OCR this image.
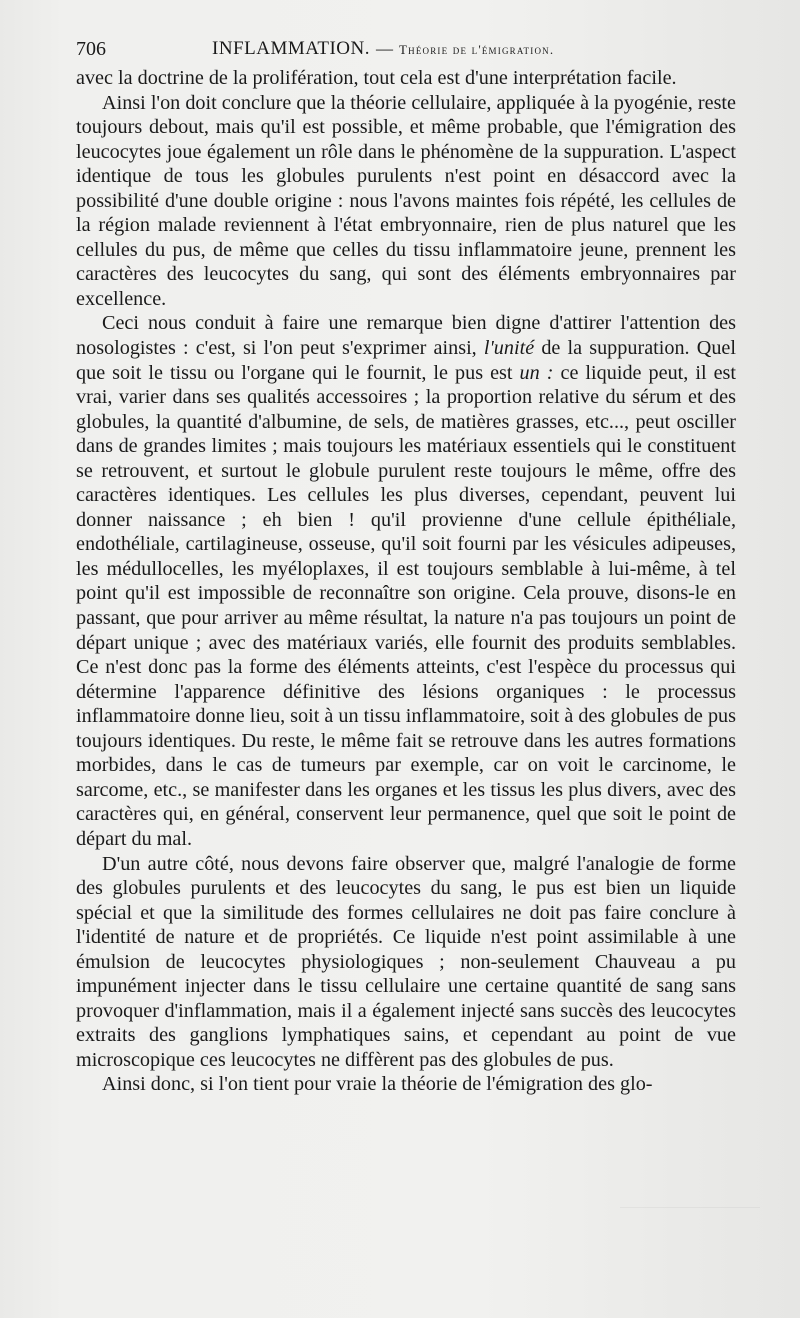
706	INFLAMMATION. — Théorie de l'émigration.

avec la doctrine de la prolifération, tout cela est d'une interprétation facile.

Ainsi l'on doit conclure que la théorie cellulaire, appliquée à la pyogénie, reste toujours debout, mais qu'il est possible, et même probable, que l'émigration des leucocytes joue également un rôle dans le phénomène de la suppuration. L'aspect identique de tous les globules purulents n'est point en désaccord avec la possibilité d'une double origine : nous l'avons maintes fois répété, les cellules de la région malade reviennent à l'état embryonnaire, rien de plus naturel que les cellules du pus, de même que celles du tissu inflammatoire jeune, prennent les caractères des leucocytes du sang, qui sont des éléments embryonnaires par excellence.

Ceci nous conduit à faire une remarque bien digne d'attirer l'attention des nosologistes : c'est, si l'on peut s'exprimer ainsi, l'unité de la suppuration. Quel que soit le tissu ou l'organe qui le fournit, le pus est un : ce liquide peut, il est vrai, varier dans ses qualités accessoires ; la proportion relative du sérum et des globules, la quantité d'albumine, de sels, de matières grasses, etc..., peut osciller dans de grandes limites ; mais toujours les matériaux essentiels qui le constituent se retrouvent, et surtout le globule purulent reste toujours le même, offre des caractères identiques. Les cellules les plus diverses, cependant, peuvent lui donner naissance ; eh bien ! qu'il provienne d'une cellule épithéliale, endothéliale, cartilagineuse, osseuse, qu'il soit fourni par les vésicules adipeuses, les médullocelles, les myéloplaxes, il est toujours semblable à lui-même, à tel point qu'il est impossible de reconnaître son origine. Cela prouve, disons-le en passant, que pour arriver au même résultat, la nature n'a pas toujours un point de départ unique ; avec des matériaux variés, elle fournit des produits semblables. Ce n'est donc pas la forme des éléments atteints, c'est l'espèce du processus qui détermine l'apparence définitive des lésions organiques : le processus inflammatoire donne lieu, soit à un tissu inflammatoire, soit à des globules de pus toujours identiques. Du reste, le même fait se retrouve dans les autres formations morbides, dans le cas de tumeurs par exemple, car on voit le carcinome, le sarcome, etc., se manifester dans les organes et les tissus les plus divers, avec des caractères qui, en général, conservent leur permanence, quel que soit le point de départ du mal.

D'un autre côté, nous devons faire observer que, malgré l'analogie de forme des globules purulents et des leucocytes du sang, le pus est bien un liquide spécial et que la similitude des formes cellulaires ne doit pas faire conclure à l'identité de nature et de propriétés. Ce liquide n'est point assimilable à une émulsion de leucocytes physiologiques ; non-seulement Chauveau a pu impunément injecter dans le tissu cellulaire une certaine quantité de sang sans provoquer d'inflammation, mais il a également injecté sans succès des leucocytes extraits des ganglions lymphatiques sains, et cependant au point de vue microscopique ces leucocytes ne diffèrent pas des globules de pus.

Ainsi donc, si l'on tient pour vraie la théorie de l'émigration des glo-
